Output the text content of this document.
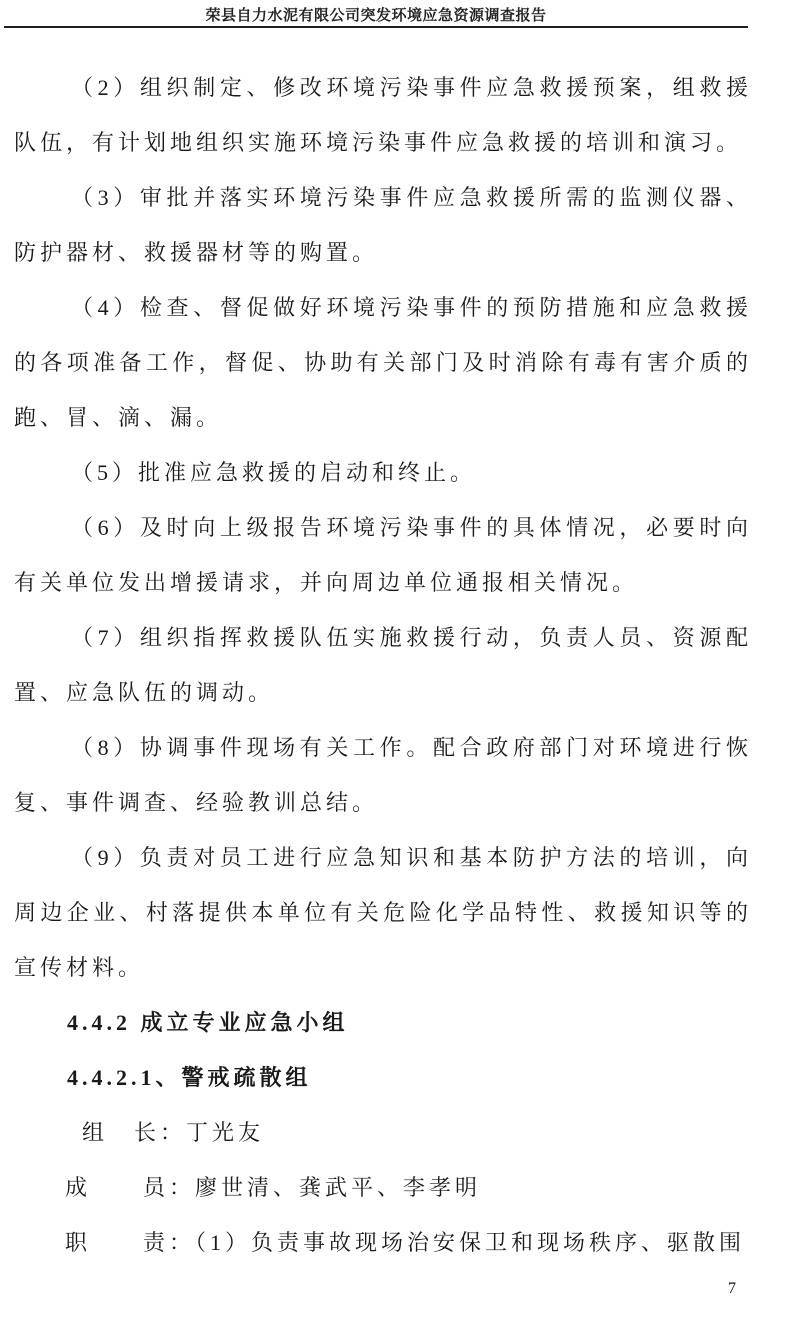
荣县自力水泥有限公司突发环境应急资源调查报告

（2）组织制定、修改环境污染事件应急救援预案，组救援队伍，有计划地组织实施环境污染事件应急救援的培训和演习。

（3）审批并落实环境污染事件应急救援所需的监测仪器、防护器材、救援器材等的购置。

（4）检查、督促做好环境污染事件的预防措施和应急救援的各项准备工作，督促、协助有关部门及时消除有毒有害介质的跑、冒、滴、漏。

（5）批准应急救援的启动和终止。

（6）及时向上级报告环境污染事件的具体情况，必要时向有关单位发出增援请求，并向周边单位通报相关情况。

（7）组织指挥救援队伍实施救援行动，负责人员、资源配置、应急队伍的调动。

（8）协调事件现场有关工作。配合政府部门对环境进行恢复、事件调查、经验教训总结。

（9）负责对员工进行应急知识和基本防护方法的培训，向周边企业、村落提供本单位有关危险化学品特性、救援知识等的宣传材料。

4.4.2 成立专业应急小组
4.4.2.1、警戒疏散组

组　长：丁光友

成　　员：廖世清、龚武平、李孝明

职　　责：（1）负责事故现场治安保卫和现场秩序、驱散围

7
